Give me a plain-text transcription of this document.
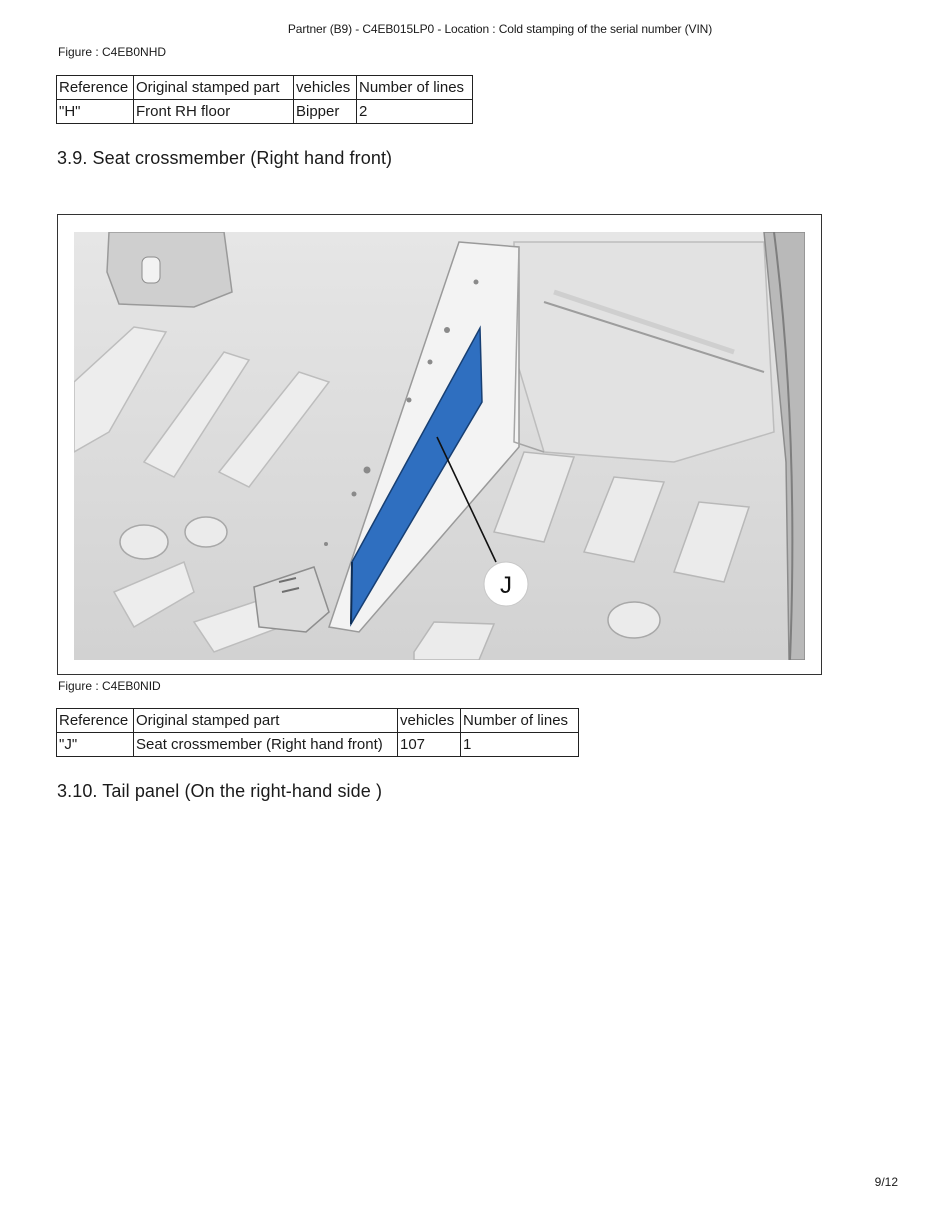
Partner (B9) - C4EB015LP0 - Location : Cold stamping of the serial number (VIN)
Figure : C4EB0NHD
Reference	Original stamped part	vehicles	Number of lines
"H"	Front RH floor	Bipper	2
3.9. Seat crossmember (Right hand front)
J
Figure : C4EB0NID
Reference	Original stamped part	vehicles	Number of lines
"J"	Seat crossmember (Right hand front)	107	1
3.10. Tail panel (On the right-hand side )
9/12
